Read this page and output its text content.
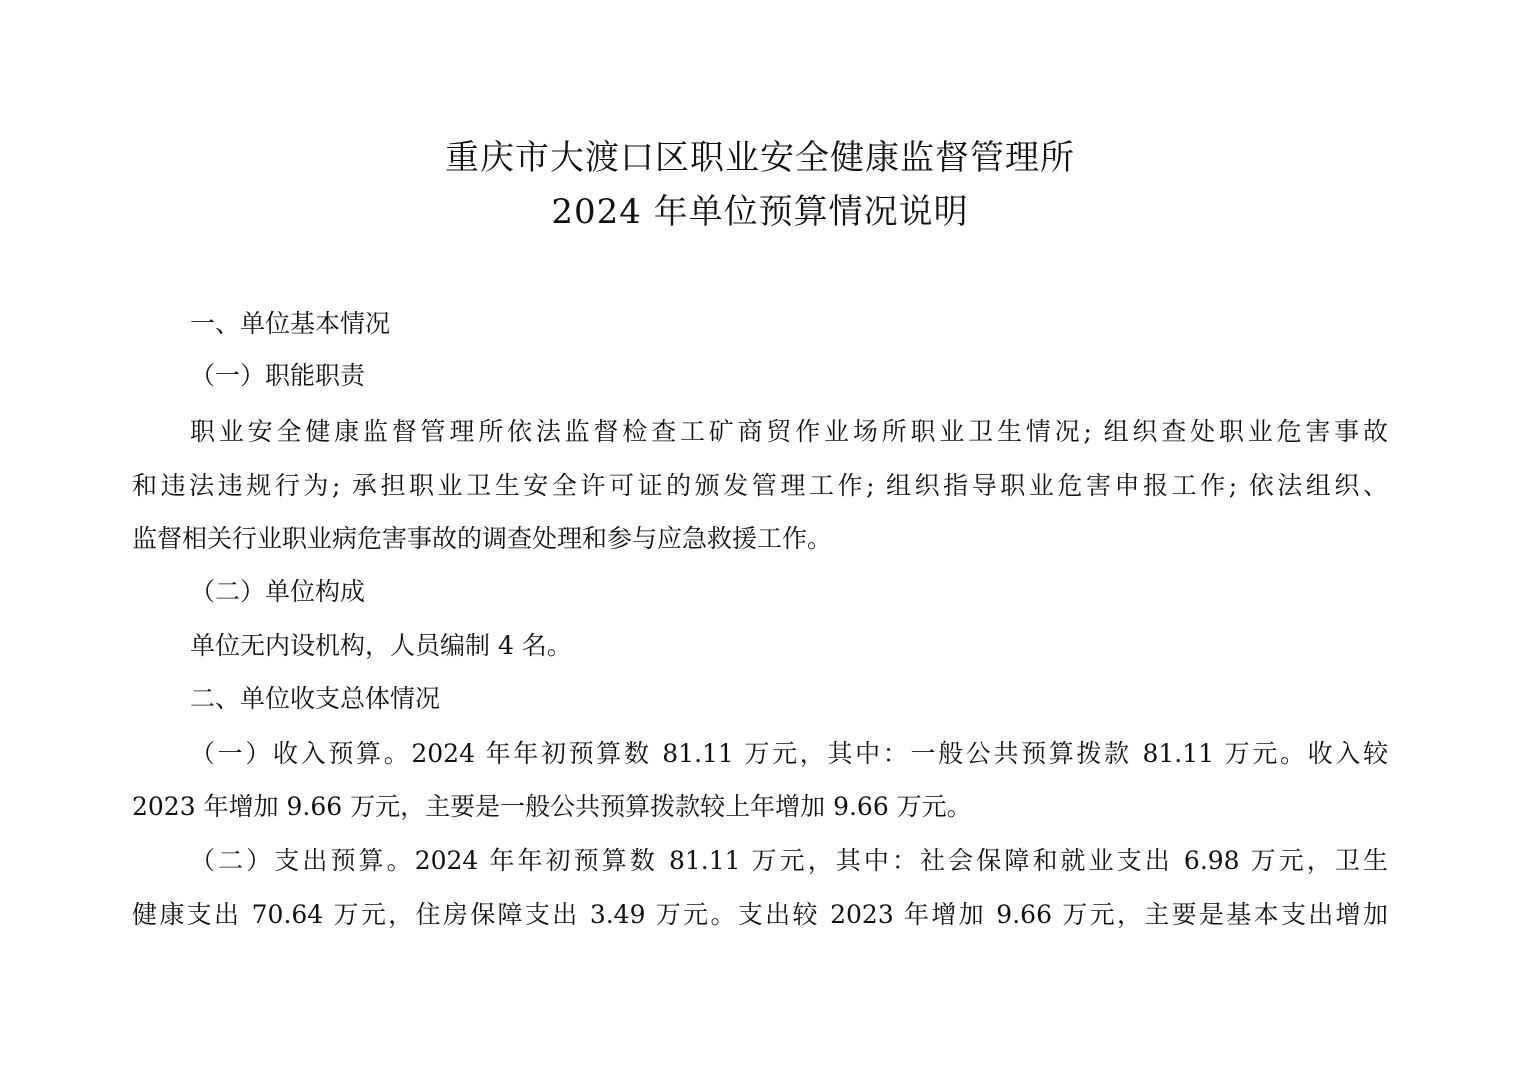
重庆市大渡口区职业安全健康监督管理所
2024 年单位预算情况说明
一、单位基本情况
（一）职能职责
职业安全健康监督管理所依法监督检查工矿商贸作业场所职业卫生情况; 组织查处职业危害事故
和违法违规行为; 承担职业卫生安全许可证的颁发管理工作; 组织指导职业危害申报工作; 依法组织、
监督相关行业职业病危害事故的调查处理和参与应急救援工作。
（二）单位构成
单位无内设机构，人员编制 4 名。
二、单位收支总体情况
（一）收入预算。2024 年年初预算数 81.11 万元，其中：一般公共预算拨款 81.11 万元。收入较
2023 年增加 9.66 万元，主要是一般公共预算拨款较上年增加 9.66 万元。
（二）支出预算。2024 年年初预算数 81.11 万元，其中：社会保障和就业支出 6.98 万元，卫生
健康支出 70.64 万元，住房保障支出 3.49 万元。支出较 2023 年增加 9.66 万元，主要是基本支出增加
